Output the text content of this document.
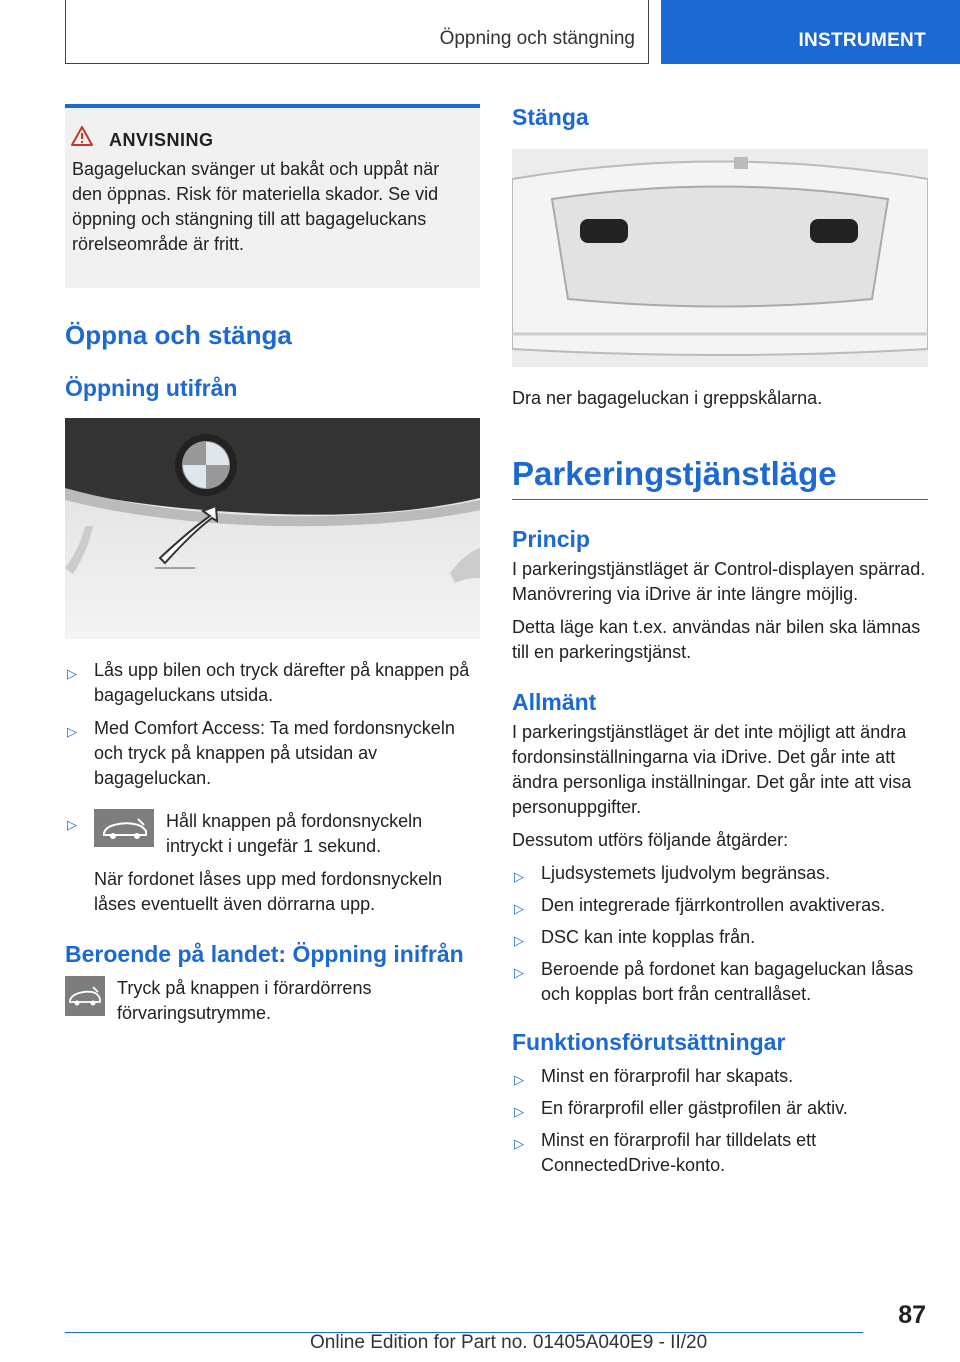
Öppning och stängning	INSTRUMENT
ANVISNING
Bagageluckan svänger ut bakåt och uppåt när den öppnas. Risk för materiella skador. Se vid öppning och stängning till att bagageluckans rörelseområde är fritt.
Öppna och stänga
Öppning utifrån
▷ Lås upp bilen och tryck därefter på knappen på bagageluckans utsida.
▷ Med Comfort Access: Ta med fordonsnyckeln och tryck på knappen på utsidan av bagageluckan.
▷	Håll knappen på fordonsnyckeln intryckt i ungefär 1 sekund.

När fordonet låses upp med fordonsnyckeln låses eventuellt även dörrarna upp.

Beroende på landet: Öppning inifrån

Tryck på knappen i förardörrens förvaringsutrymme.

Stänga

Dra ner bagageluckan i greppskålarna.

Parkeringstjänstläge
Princip

I parkeringstjänstläget är Control-displayen spärrad. Manövrering via iDrive är inte längre möjlig.

Detta läge kan t.ex. användas när bilen ska lämnas till en parkeringstjänst.

Allmänt

I parkeringstjänstläget är det inte möjligt att ändra fordonsinställningarna via iDrive. Det går inte att ändra personliga inställningar. Det går inte att visa personuppgifter.

Dessutom utförs följande åtgärder:

▷ Ljudsystemets ljudvolym begränsas.
▷ Den integrerade fjärrkontrollen avaktiveras.
▷ DSC kan inte kopplas från.
▷ Beroende på fordonet kan bagageluckan låsas och kopplas bort från centrallåset.
Funktionsförutsättningar
▷ Minst en förarprofil har skapats.
▷ En förarprofil eller gästprofilen är aktiv.
▷ Minst en förarprofil har tilldelats ett ConnectedDrive-konto.
87
Online Edition for Part no. 01405A040E9 - II/20
